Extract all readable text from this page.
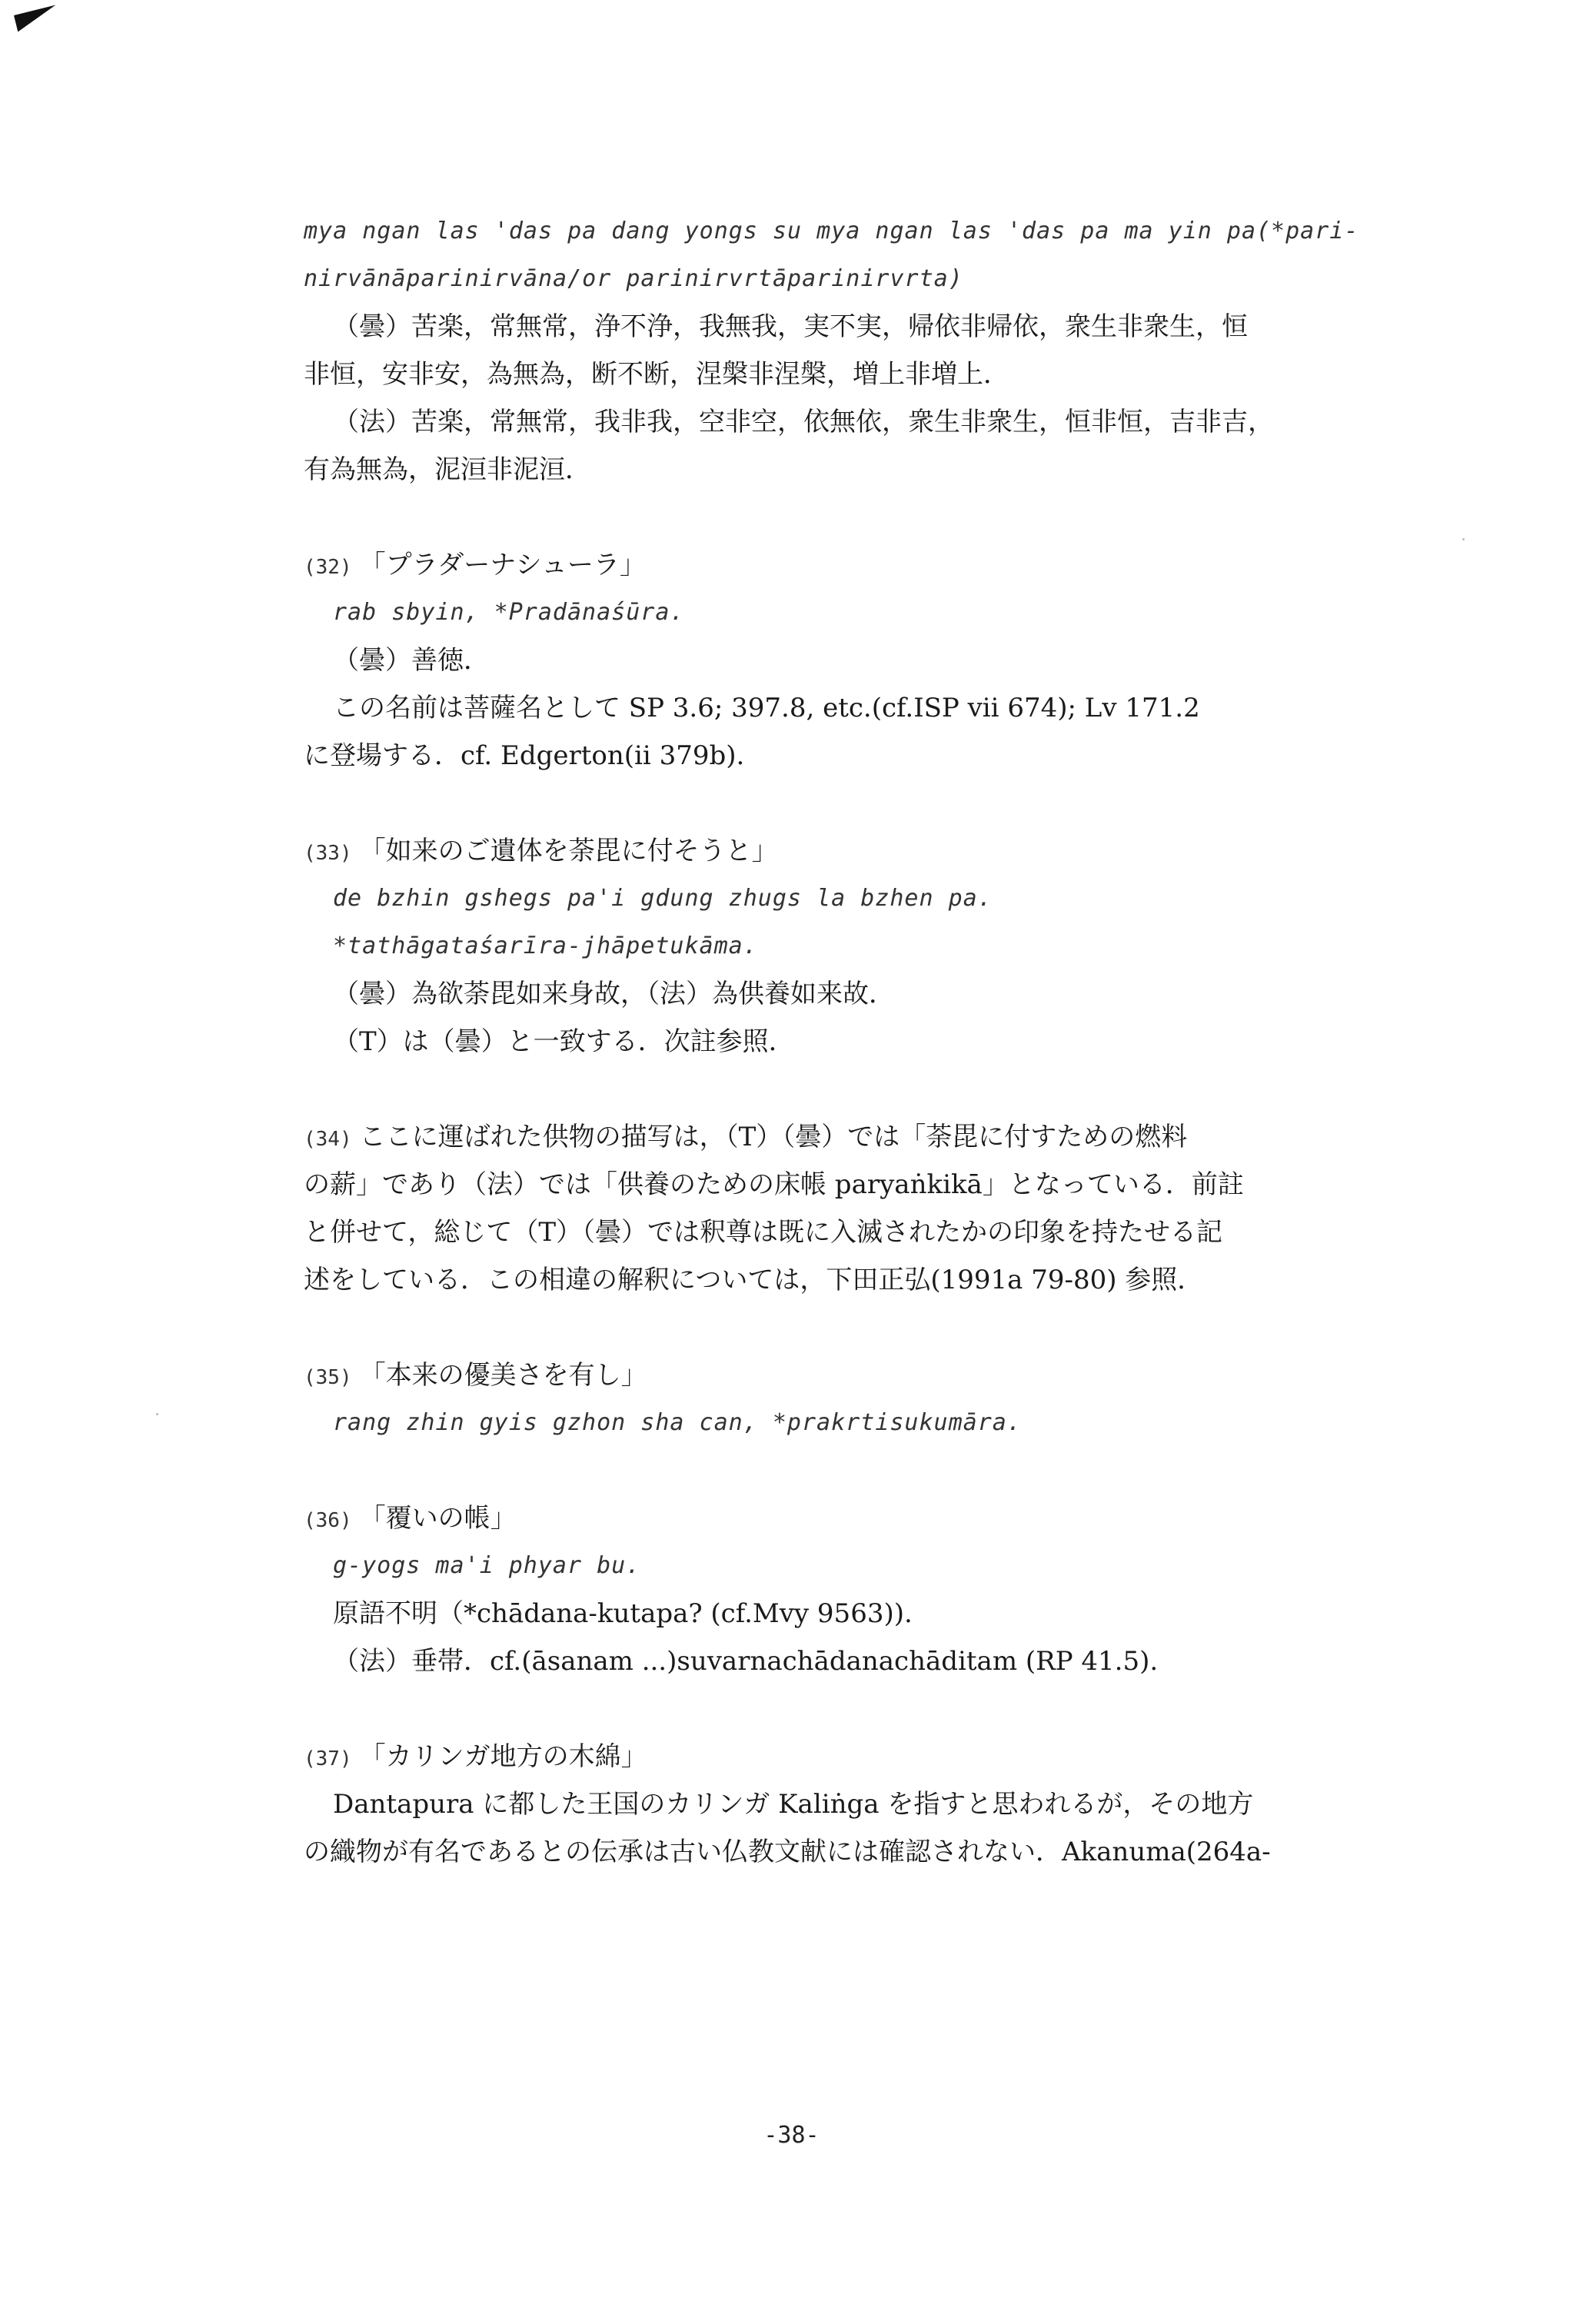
mya ngan las 'das pa dang yongs su mya ngan las 'das pa ma yin pa(*pari-
nirvānāparinirvāna/or parinirvrtāparinirvrta)
（曇）苦楽，常無常，浄不浄，我無我，実不実，帰依非帰依，衆生非衆生，恒
非恒，安非安，為無為，断不断，涅槃非涅槃，増上非増上．
（法）苦楽，常無常，我非我，空非空，依無依，衆生非衆生，恒非恒，吉非吉，
有為無為，泥洹非泥洹．
(32) 「プラダーナシューラ」
rab sbyin, *Pradānaśūra.
（曇）善徳．
この名前は菩薩名として SP 3.6; 397.8, etc.(cf.ISP vii 674); Lv 171.2
に登場する．cf. Edgerton(ii 379b).
(33) 「如来のご遺体を荼毘に付そうと」
de bzhin gshegs pa'i gdung zhugs la bzhen pa.
*tathāgataśarīra-jhāpetukāma.
（曇）為欲荼毘如来身故，（法）為供養如来故．
（T）は（曇）と一致する．次註参照．
(34) ここに運ばれた供物の描写は，（T）（曇）では「荼毘に付すための燃料
の薪」であり（法）では「供養のための床帳 paryaṅkikā」となっている．前註
と併せて，総じて（T）（曇）では釈尊は既に入滅されたかの印象を持たせる記
述をしている．この相違の解釈については，下田正弘(1991a 79-80) 参照．
(35) 「本来の優美さを有し」
rang zhin gyis gzhon sha can, *prakrtisukumāra.
(36) 「覆いの帳」
g-yogs ma'i phyar bu.
原語不明（*chādana-kutapa? (cf.Mvy 9563)).
（法）垂帯．cf.(āsanam ...)suvarnachādanachāditam (RP 41.5).
(37) 「カリンガ地方の木綿」
Dantapura に都した王国のカリンガ Kaliṅga を指すと思われるが，その地方
の織物が有名であるとの伝承は古い仏教文献には確認されない．Akanuma(264a-
-38-
